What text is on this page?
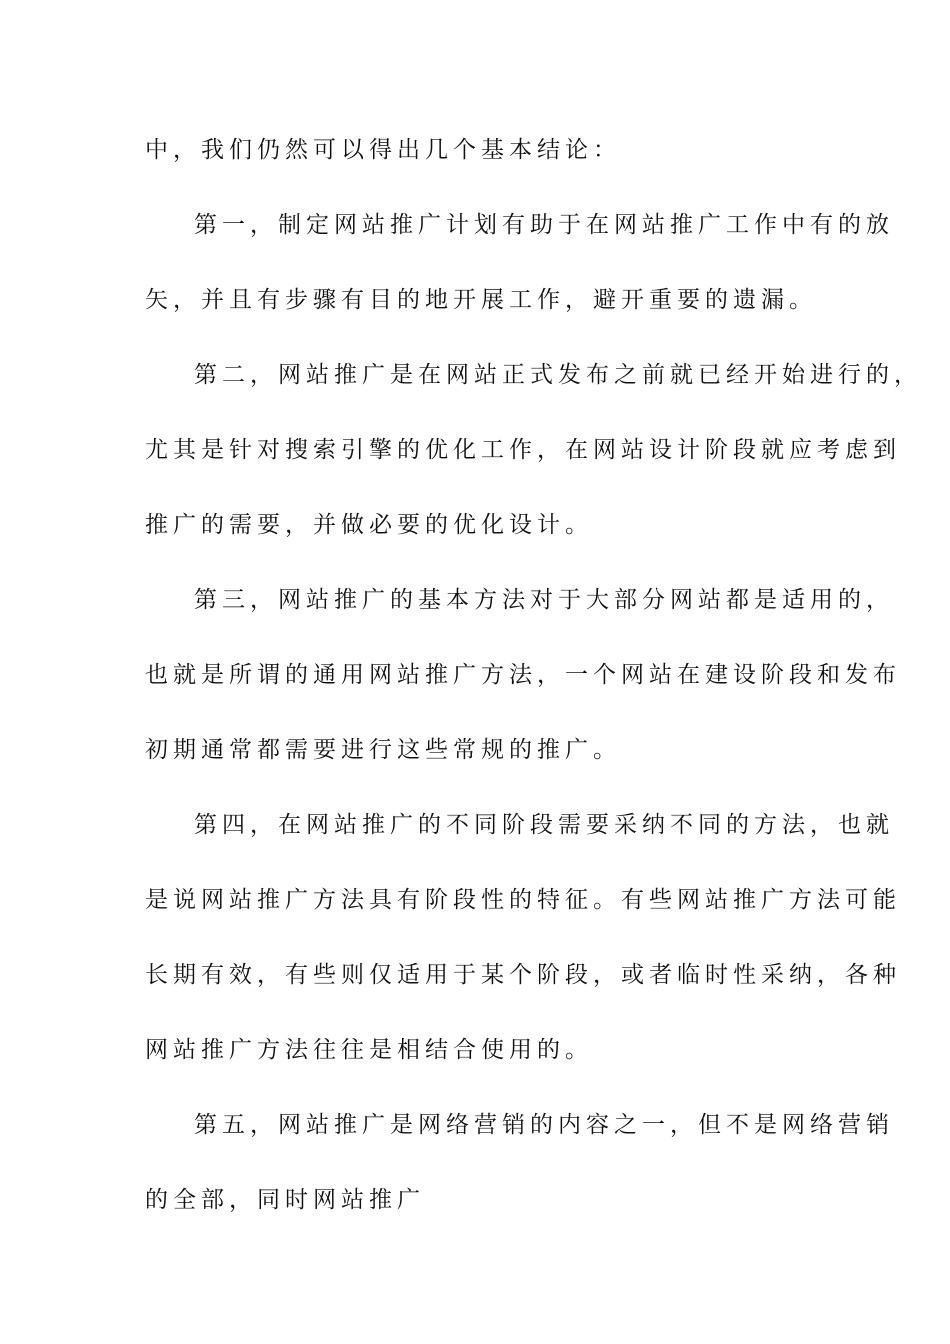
中，我们仍然可以得出几个基本结论：
第一，制定网站推广计划有助于在网站推广工作中有的放
矢，并且有步骤有目的地开展工作，避开重要的遗漏。
第二，网站推广是在网站正式发布之前就已经开始进行的，
尤其是针对搜索引擎的优化工作，在网站设计阶段就应考虑到
推广的需要，并做必要的优化设计。
第三，网站推广的基本方法对于大部分网站都是适用的，
也就是所谓的通用网站推广方法，一个网站在建设阶段和发布
初期通常都需要进行这些常规的推广。
第四，在网站推广的不同阶段需要采纳不同的方法，也就
是说网站推广方法具有阶段性的特征。有些网站推广方法可能
长期有效，有些则仅适用于某个阶段，或者临时性采纳，各种
网站推广方法往往是相结合使用的。
第五，网站推广是网络营销的内容之一，但不是网络营销
的全部，同时网站推广
